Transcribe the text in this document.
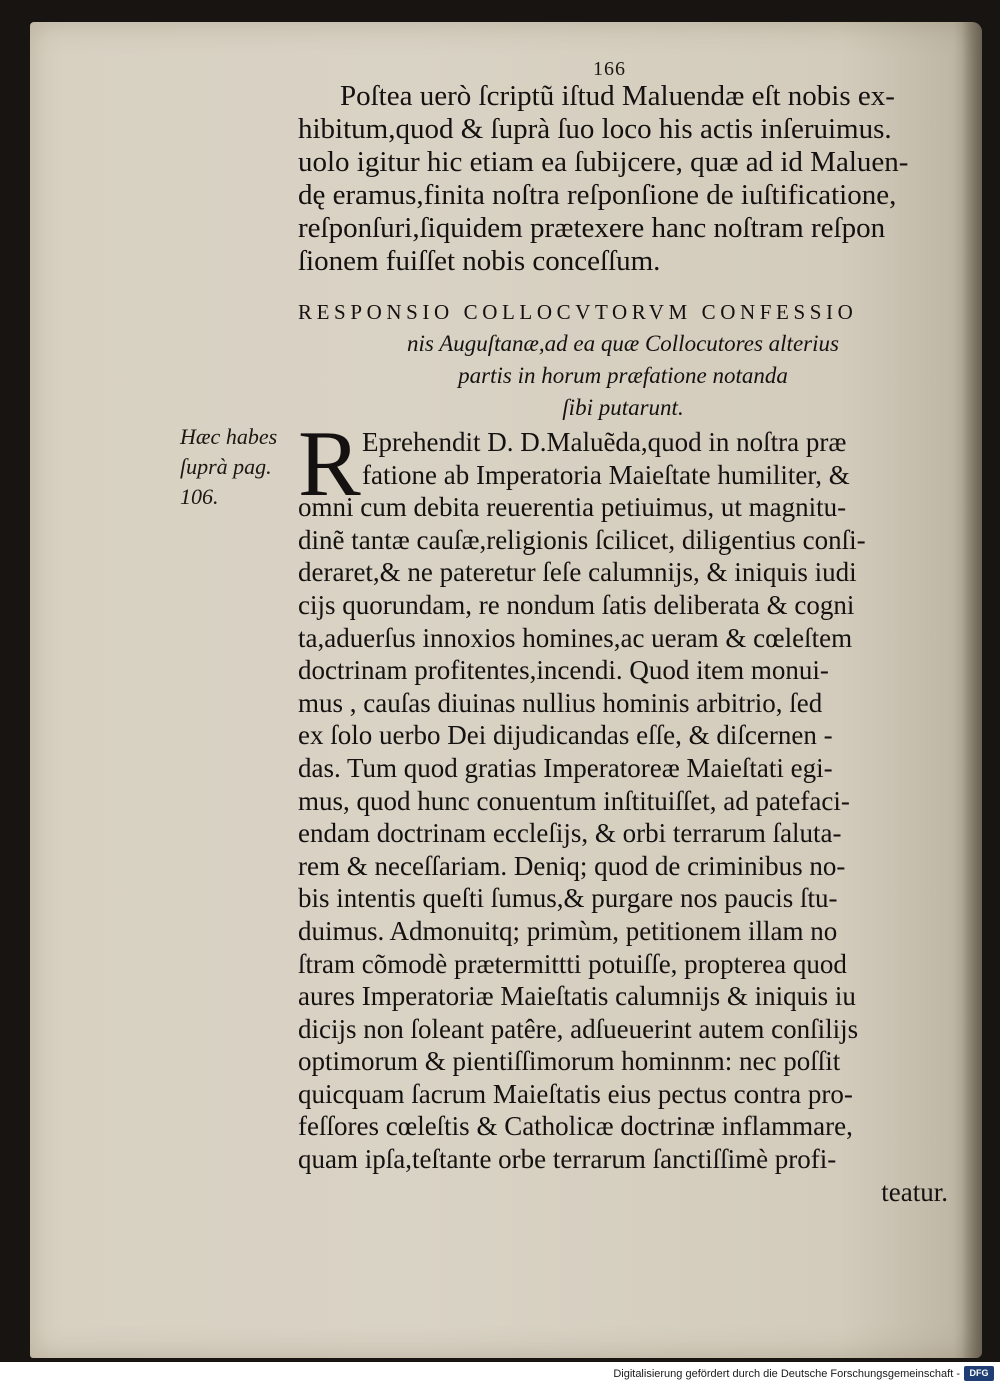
166
Poſtea uerò ſcriptũ iſtud Maluendæ eſt nobis ex-
hibitum,quod & ſuprà ſuo loco his actis inſeruimus.
uolo igitur hic etiam ea ſubijcere, quæ ad id Maluen-
dę eramus,finita noſtra reſponſione de iuſtificatione,
reſponſuri,ſiquidem prætexere hanc noſtram reſpon
ſionem fuiſſet nobis conceſſum.
RESPONSIO COLLOCVTORVM CONFESSIO
nis Auguſtanæ,ad ea quæ Collocutores alterius
partis in horum præfatione notanda
ſibi putarunt.
Hæc habes
ſuprà pag.
106. R Eprehendit D. D.Maluẽda,quod in noſtra præ
fatione ab Imperatoria Maieſtate humiliter, &
omni cum debita reuerentia petiuimus, ut magnitu-
dinẽ tantæ cauſæ,religionis ſcilicet, diligentius conſi-
deraret,& ne pateretur ſeſe calumnijs, & iniquis iudi
cijs quorundam, re nondum ſatis deliberata & cogni
ta,aduerſus innoxios homines,ac ueram & cœleſtem
doctrinam profitentes,incendi. Quod item monui-
mus , cauſas diuinas nullius hominis arbitrio, ſed
ex ſolo uerbo Dei dijudicandas eſſe, & diſcernen -
das. Tum quod gratias Imperatoreæ Maieſtati egi-
mus, quod hunc conuentum inſtituiſſet, ad patefaci-
endam doctrinam eccleſijs, & orbi terrarum ſaluta-
rem & neceſſariam. Deniq; quod de criminibus no-
bis intentis queſti ſumus,& purgare nos paucis ſtu-
duimus. Admonuitq; primùm, petitionem illam no
ſtram cõmodè prætermittti potuiſſe, propterea quod
aures Imperatoriæ Maieſtatis calumnijs & iniquis iu
dicijs non ſoleant patêre, adſueuerint autem conſilijs
optimorum & pientiſſimorum hominnm: nec poſſit
quicquam ſacrum Maieſtatis eius pectus contra pro-
feſſores cœleſtis & Catholicæ doctrinæ inflammare,
quam ipſa,teſtante orbe terrarum ſanctiſſimè profi-
teatur.
Digitalisierung gefördert durch die Deutsche Forschungsgemeinschaft -	DFG
